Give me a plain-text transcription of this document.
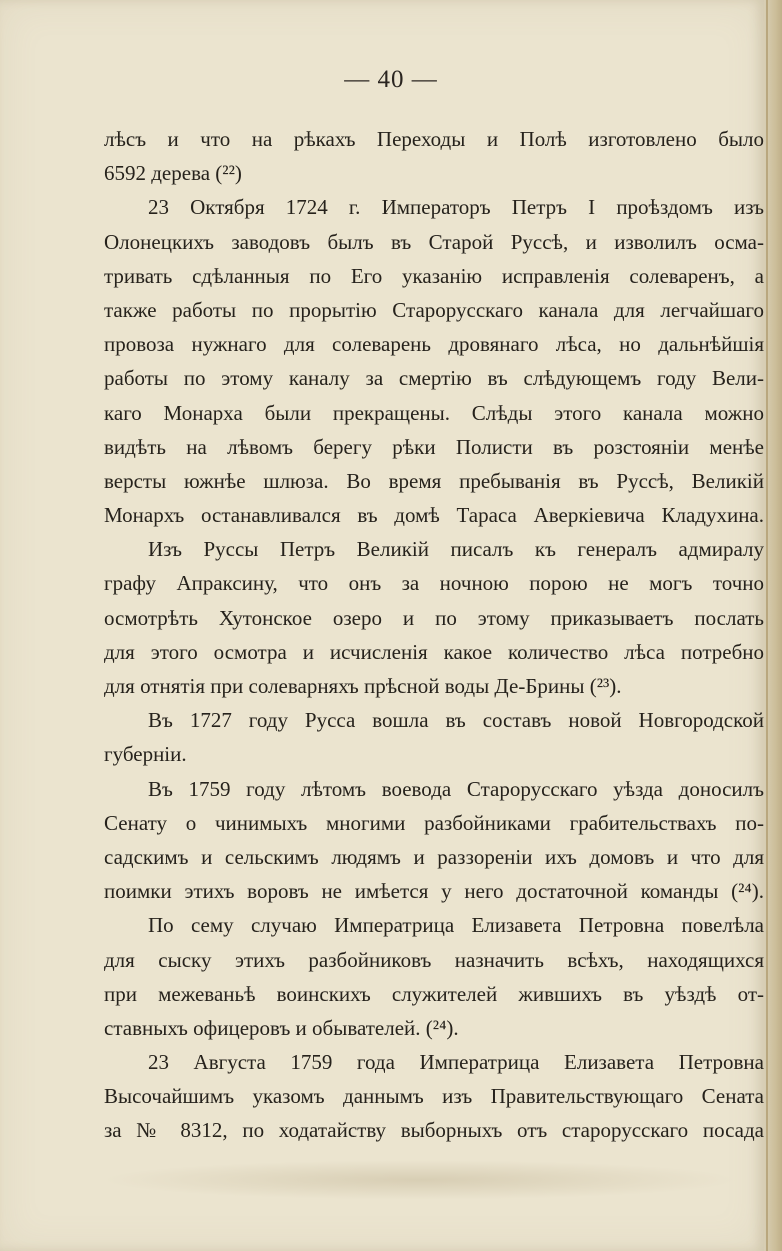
— 40 —
лѣсъ и что на рѣкахъ Переходы и Полѣ изготовлено было
6592 дерева (²²)
23 Октября 1724 г. Императоръ Петръ I проѣздомъ изъ
Олонецкихъ заводовъ былъ въ Старой Руссѣ, и изволилъ осма-
тривать сдѣланныя по Его указанію исправленія солеваренъ, а
также работы по прорытію Старорусскаго канала для легчайшаго
провоза нужнаго для солеварень дровянаго лѣса, но дальнѣйшія
работы по этому каналу за смертію въ слѣдующемъ году Вели-
каго Монарха были прекращены. Слѣды этого канала можно
видѣть на лѣвомъ берегу рѣки Полисти въ розстояніи менѣе
версты южнѣе шлюза. Во время пребыванія въ Руссѣ, Великій
Монархъ останавливался въ домѣ Тараса Аверкіевича Кладухина.
Изъ Руссы Петръ Великій писалъ къ генералъ адмиралу
графу Апраксину, что онъ за ночною порою не могъ точно
осмотрѣть Хутонское озеро и по этому приказываетъ послать
для этого осмотра и исчисленія какое количество лѣса потребно
для отнятія при солеварняхъ прѣсной воды Де-Брины (²³).
Въ 1727 году Русса вошла въ составъ новой Новгородской
губерніи.
Въ 1759 году лѣтомъ воевода Старорусскаго уѣзда доносилъ
Сенату о чинимыхъ многими разбойниками грабительствахъ по-
садскимъ и сельскимъ людямъ и раззореніи ихъ домовъ и что для
поимки этихъ воровъ не имѣется у него достаточной команды (²⁴).
По сему случаю Императрица Елизавета Петровна повелѣла
для сыску этихъ разбойниковъ назначить всѣхъ, находящихся
при межеваньѣ воинскихъ служителей жившихъ въ уѣздѣ от-
ставныхъ офицеровъ и обывателей. (²⁴).
23 Августа 1759 года Императрица Елизавета Петровна
Высочайшимъ указомъ даннымъ изъ Правительствующаго Сената
за № 8312, по ходатайству выборныхъ отъ старорусскаго посада
